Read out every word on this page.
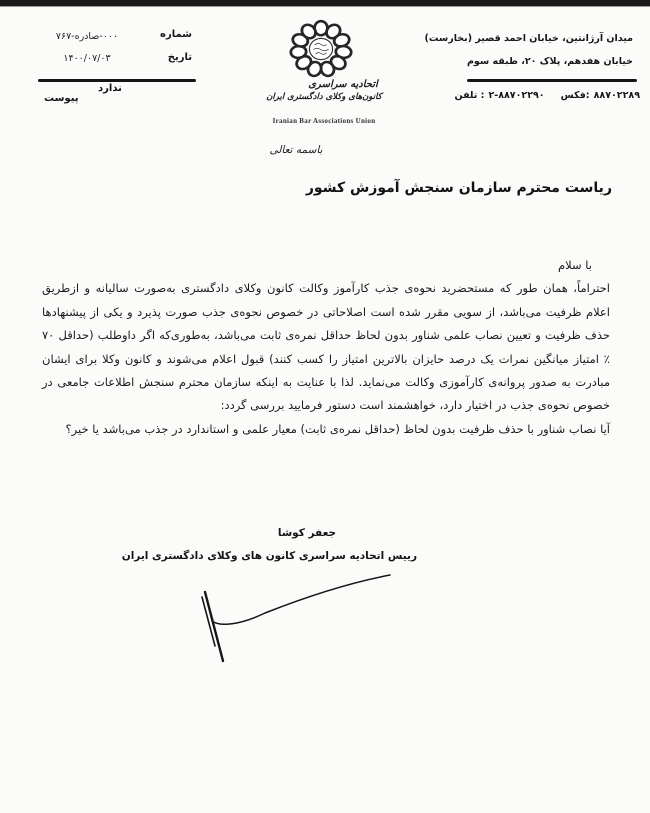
شماره
۷۶۷‎-‎صادره‎-‎۰۰۰
تاریخ
۱۴۰۰/۰۷/۰۳
ندارد
پیوست
اتحادیه سراسری
کانون‌های وکلای دادگستری ایران
Iranian Bar Associations Union
میدان آرژانتین، خیابان احمد قصیر (بخارست)
خیابان هفدهم، پلاک ۲۰، طبقه سوم
تلفن : ۲-۸۸۷۰۲۲۹۰ فکس: ۸۸۷۰۲۲۸۹
باسمه تعالی
ریاست محترم سازمان سنجش آموزش کشور
با سلام
احتراماً، همان طور که مستحضرید نحوه‌ی جذب کارآموز وکالت کانون وکلای دادگستری به‌صورت سالیانه و ازطریق
اعلام ظرفیت می‌باشد، از سویی مقرر شده است اصلاحاتی در خصوص نحوه‌ی جذب صورت پذیرد و یکی از پیشنهادها
حذف ظرفیت و تعیین نصاب علمی شناور بدون لحاظ حداقل نمره‌ی ثابت می‌باشد، به‌طوری‌که اگر داوطلب (حداقل ۷۰
٪ امتیاز میانگین نمرات یک درصد حایزان بالاترین امتیاز را کسب کنند) قبول اعلام می‌شوند و کانون وکلا برای ایشان
مبادرت به صدور پروانه‌ی کارآموزی وکالت می‌نماید. لذا با عنایت به اینکه سازمان محترم سنجش اطلاعات جامعی در
خصوص نحوه‌ی جذب در اختیار دارد، خواهشمند است دستور فرمایید بررسی گردد:
آیا نصاب شناور با حذف ظرفیت بدون لحاظ (حداقل نمره‌ی ثابت) معیار علمی و استاندارد در جذب می‌باشد یا خیر؟
جعفر کوشا
رییس اتحادیه سراسری کانون های وکلای دادگستری ایران
